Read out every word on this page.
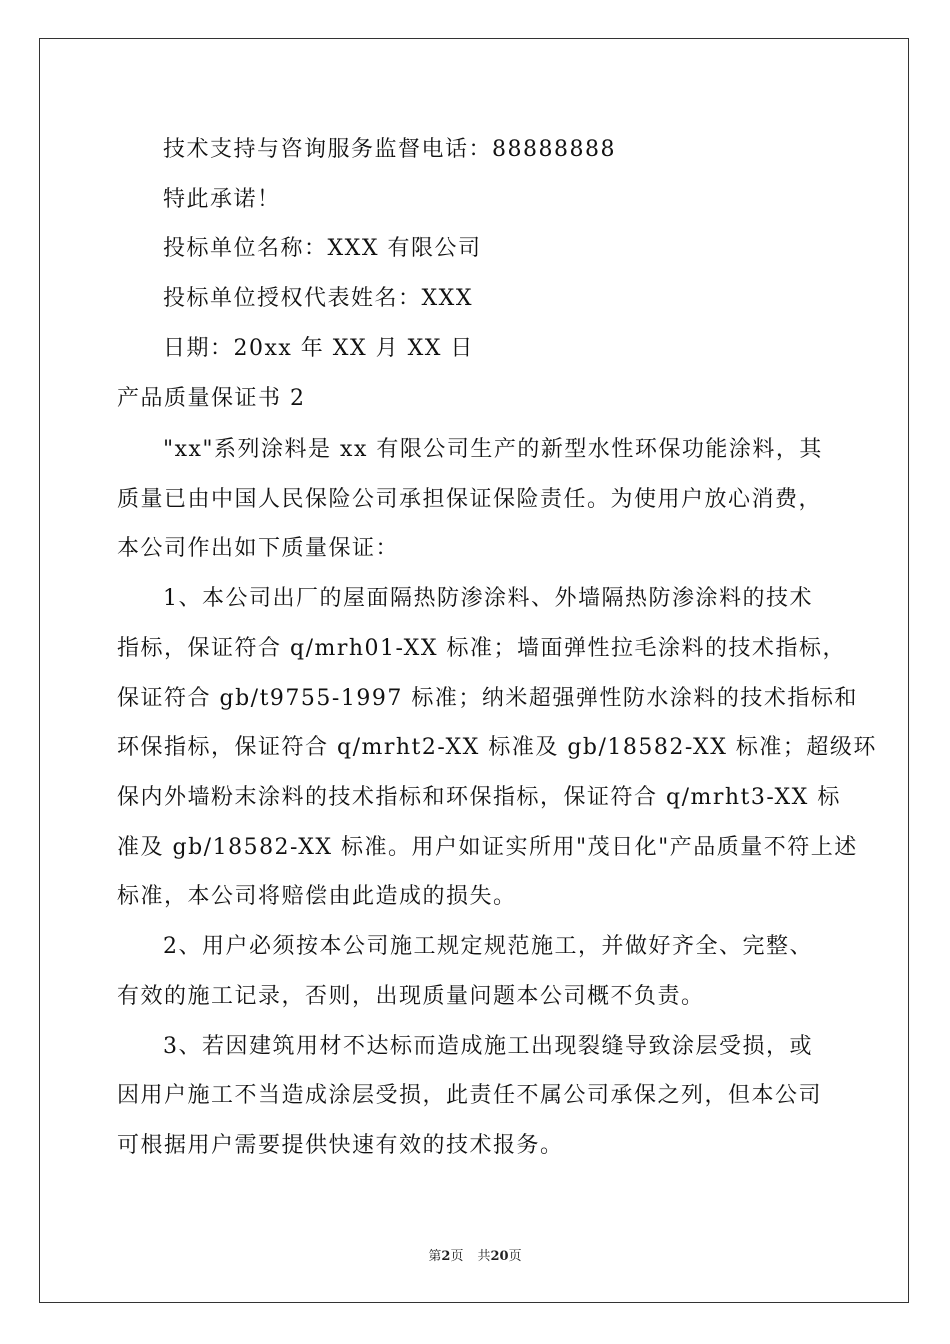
技术支持与咨询服务监督电话：88888888
特此承诺！
投标单位名称：XXX 有限公司
投标单位授权代表姓名：XXX
日期：20xx 年 XX 月 XX 日
产品质量保证书 2
"xx"系列涂料是 xx 有限公司生产的新型水性环保功能涂料，其
质量已由中国人民保险公司承担保证保险责任。为使用户放心消费，
本公司作出如下质量保证：
1、本公司出厂的屋面隔热防渗涂料、外墙隔热防渗涂料的技术
指标，保证符合 q/mrh01-XX 标准；墙面弹性拉毛涂料的技术指标，
保证符合 gb/t9755-1997 标准；纳米超强弹性防水涂料的技术指标和
环保指标，保证符合 q/mrht2-XX 标准及 gb/18582-XX 标准；超级环
保内外墙粉末涂料的技术指标和环保指标，保证符合 q/mrht3-XX 标
准及 gb/18582-XX 标准。用户如证实所用"茂日化"产品质量不符上述
标准，本公司将赔偿由此造成的损失。
2、用户必须按本公司施工规定规范施工，并做好齐全、完整、
有效的施工记录，否则，出现质量问题本公司概不负责。
3、若因建筑用材不达标而造成施工出现裂缝导致涂层受损，或
因用户施工不当造成涂层受损，此责任不属公司承保之列，但本公司
可根据用户需要提供快速有效的技术报务。
第2页 共20页
